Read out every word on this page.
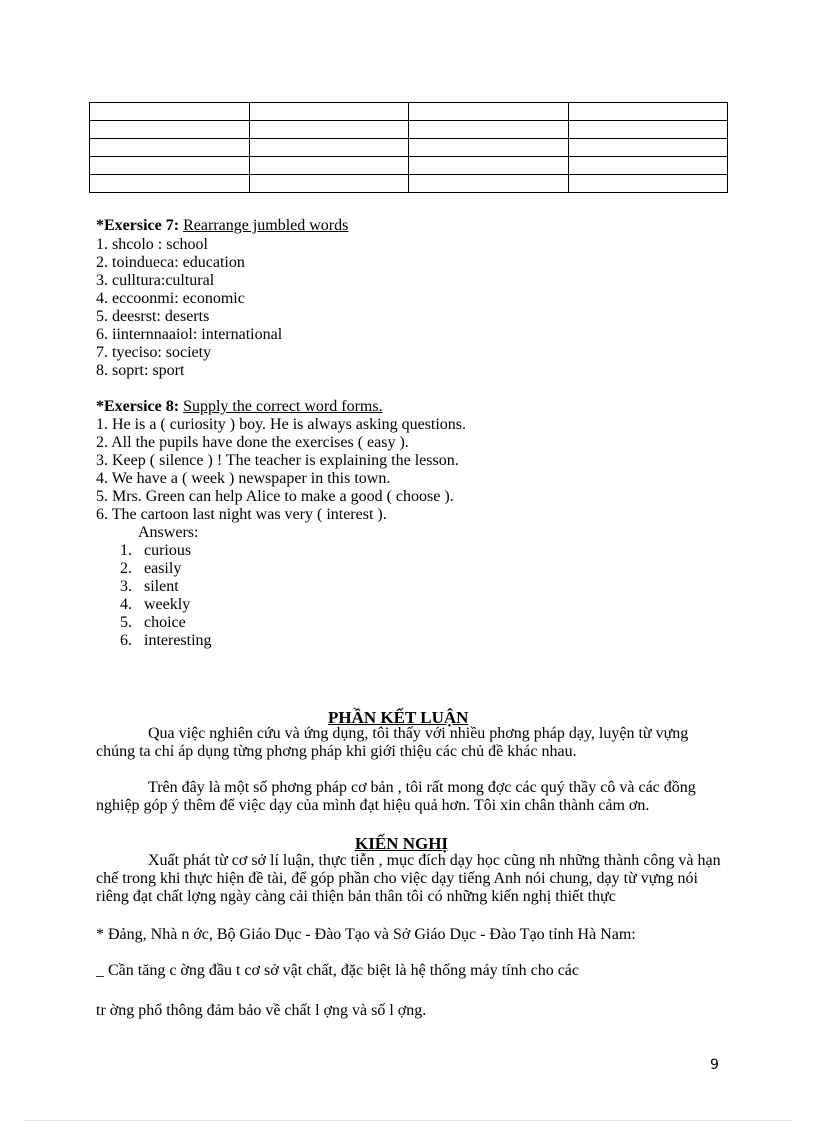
*Exersice 7: Rearrange jumbled words
1. shcolo : school
2. toindueca: education
3. culltura:cultural
4. eccoonmi: economic
5. deesrst: deserts
6. iinternnaaiol: international
7. tyeciso: society
8. soprt: sport
*Exersice 8: Supply the correct word forms.
1. He is a ( curiosity ) boy. He is always asking questions.
2. All the pupils have done the exercises ( easy ).
3. Keep ( silence ) ! The teacher is explaining the lesson.
4. We have a ( week ) newspaper in this town.
5. Mrs. Green can help Alice to make a good ( choose ).
6. The cartoon last night was very ( interest ).
Answers:
1. curious
2. easily
3. silent
4. weekly
5. choice
6. interesting
PHẦN KẾT LUẬN
Qua việc nghiên cứu và ứng dụng, tôi thấy với nhiều phơng pháp dạy, luyện từ vựng chúng ta chỉ áp dụng từng phơng pháp khi giới thiệu các chủ đề khác nhau.
Trên đây là một số phơng pháp cơ bản , tôi rất mong đợc các quý thầy cô và các đồng nghiệp góp ý thêm để việc dạy của mình đạt hiệu quả hơn. Tôi xin chân thành cảm ơn.
KIẾN NGHỊ
Xuất phát từ cơ sở lí luận, thực tiễn , mục đích dạy học cũng nh những thành công và hạn chế trong khi thực hiện đề tài, để góp phần cho việc dạy tiếng Anh nói chung, dạy từ vựng nói riêng đạt chất lợng ngày càng cải thiện bản thân tôi có những kiến nghị thiết thực
* Đảng, Nhà n ớc, Bộ Giáo Dục - Đào Tạo và Sở Giáo Dục - Đào Tạo tỉnh Hà Nam:
_ Cần tăng c ờng đầu t cơ sở vật chất, đặc biệt là hệ thống máy tính cho các
tr ờng phổ thông đảm bảo về chất l ợng và số l ợng.
9
